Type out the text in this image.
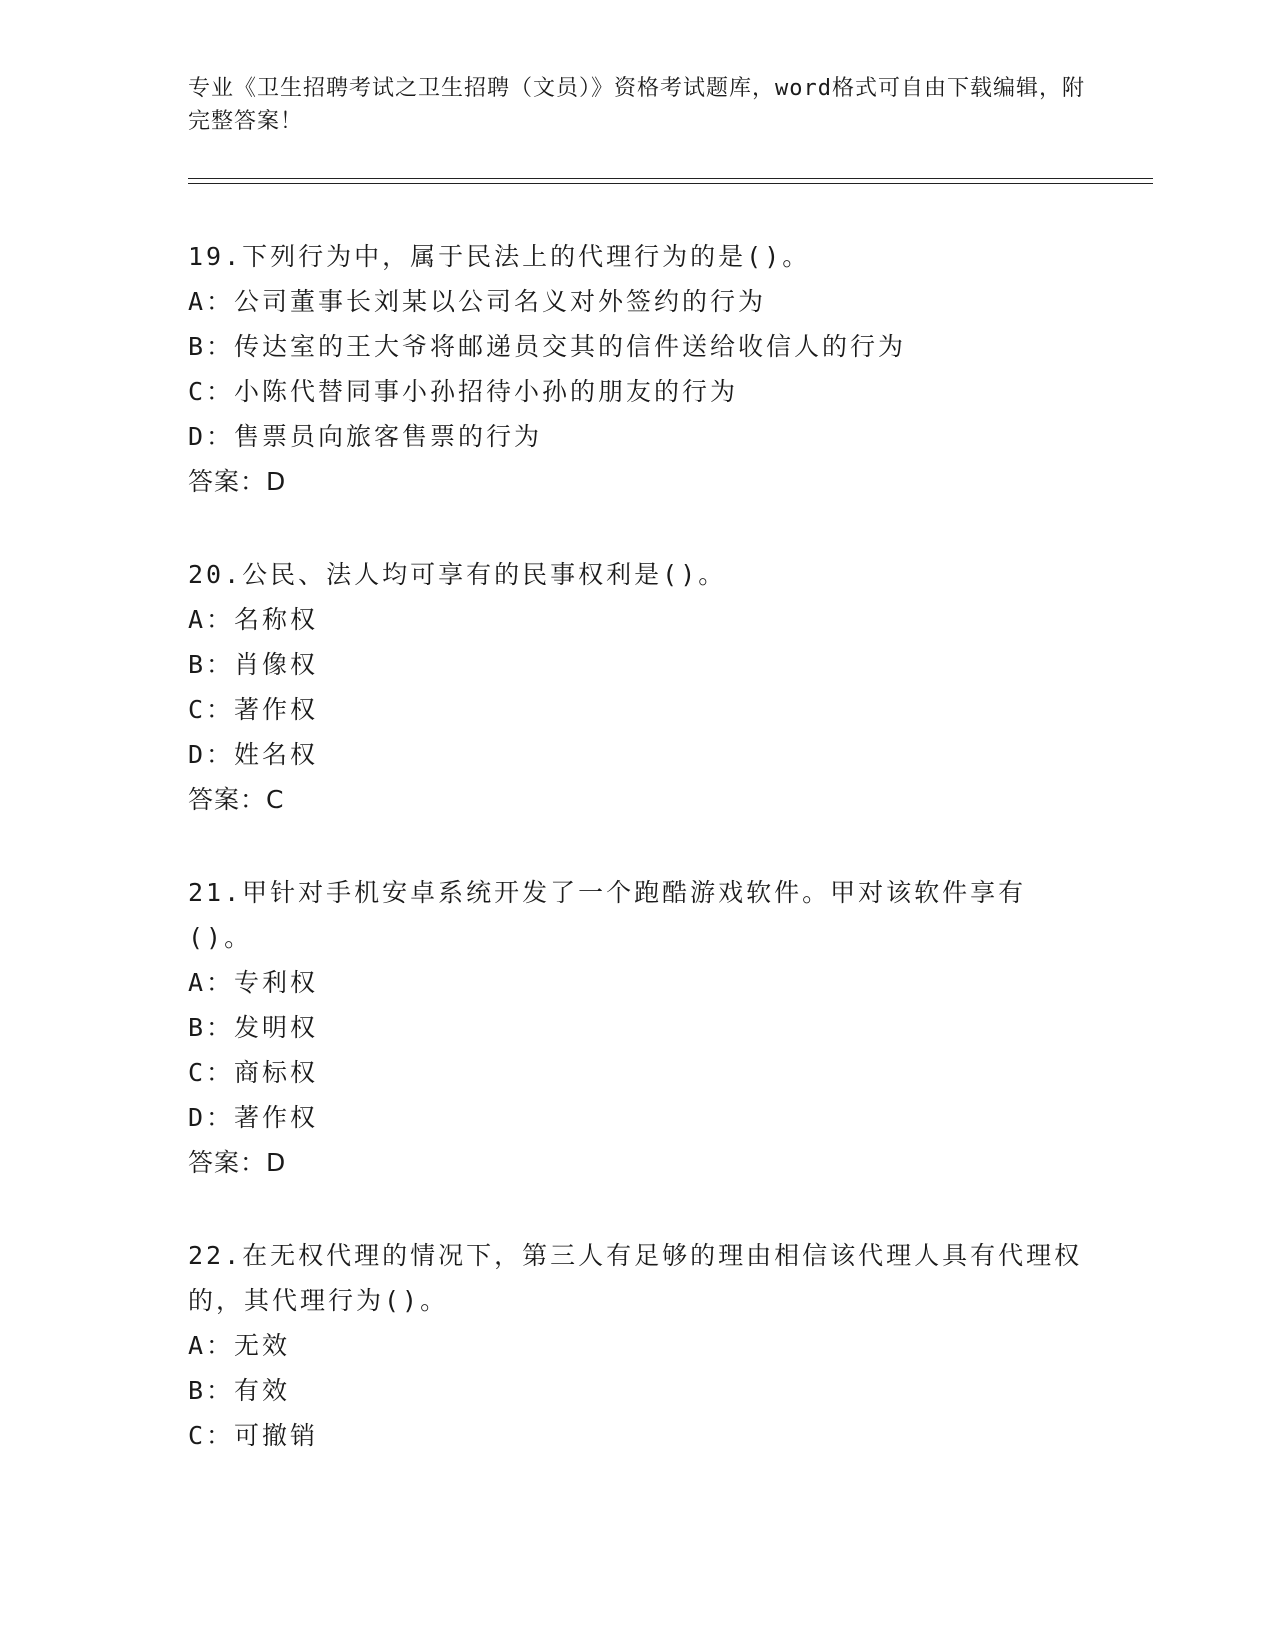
专业《卫生招聘考试之卫生招聘（文员）》资格考试题库，word格式可自由下载编辑，附完整答案！
19.下列行为中，属于民法上的代理行为的是()。
A：公司董事长刘某以公司名义对外签约的行为
B：传达室的王大爷将邮递员交其的信件送给收信人的行为
C：小陈代替同事小孙招待小孙的朋友的行为
D：售票员向旅客售票的行为
答案：D
20.公民、法人均可享有的民事权利是()。
A：名称权
B：肖像权
C：著作权
D：姓名权
答案：C
21.甲针对手机安卓系统开发了一个跑酷游戏软件。甲对该软件享有()。
A：专利权
B：发明权
C：商标权
D：著作权
答案：D
22.在无权代理的情况下，第三人有足够的理由相信该代理人具有代理权的，其代理行为()。
A：无效
B：有效
C：可撤销
